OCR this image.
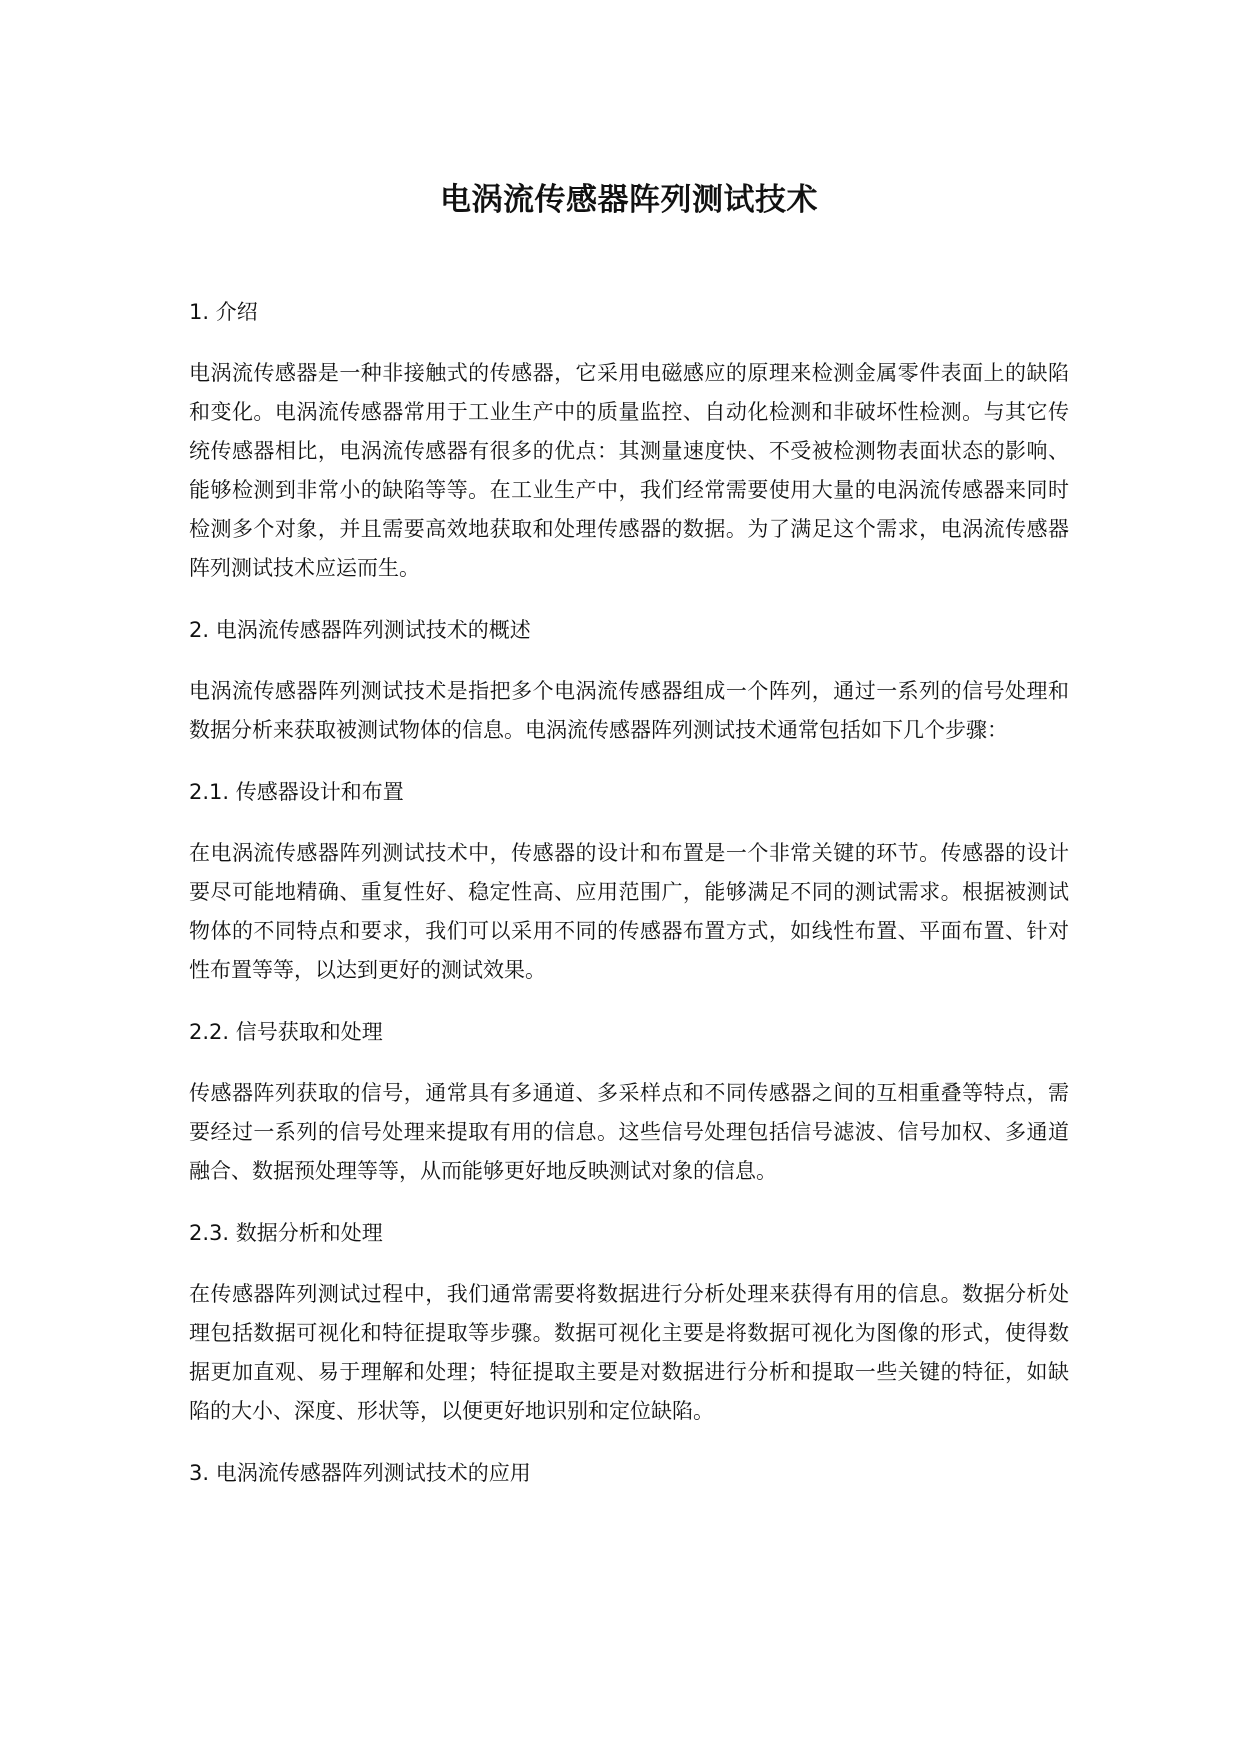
电涡流传感器阵列测试技术
1. 介绍

电涡流传感器是一种非接触式的传感器，它采用电磁感应的原理来检测金属零件表面上的缺陷和变化。电涡流传感器常用于工业生产中的质量监控、自动化检测和非破坏性检测。与其它传统传感器相比，电涡流传感器有很多的优点：其测量速度快、不受被检测物表面状态的影响、能够检测到非常小的缺陷等等。在工业生产中，我们经常需要使用大量的电涡流传感器来同时检测多个对象，并且需要高效地获取和处理传感器的数据。为了满足这个需求，电涡流传感器阵列测试技术应运而生。

2. 电涡流传感器阵列测试技术的概述

电涡流传感器阵列测试技术是指把多个电涡流传感器组成一个阵列，通过一系列的信号处理和数据分析来获取被测试物体的信息。电涡流传感器阵列测试技术通常包括如下几个步骤：

2.1. 传感器设计和布置

在电涡流传感器阵列测试技术中，传感器的设计和布置是一个非常关键的环节。传感器的设计要尽可能地精确、重复性好、稳定性高、应用范围广，能够满足不同的测试需求。根据被测试物体的不同特点和要求，我们可以采用不同的传感器布置方式，如线性布置、平面布置、针对性布置等等，以达到更好的测试效果。

2.2. 信号获取和处理

传感器阵列获取的信号，通常具有多通道、多采样点和不同传感器之间的互相重叠等特点，需要经过一系列的信号处理来提取有用的信息。这些信号处理包括信号滤波、信号加权、多通道融合、数据预处理等等，从而能够更好地反映测试对象的信息。

2.3. 数据分析和处理

在传感器阵列测试过程中，我们通常需要将数据进行分析处理来获得有用的信息。数据分析处理包括数据可视化和特征提取等步骤。数据可视化主要是将数据可视化为图像的形式，使得数据更加直观、易于理解和处理；特征提取主要是对数据进行分析和提取一些关键的特征，如缺陷的大小、深度、形状等，以便更好地识别和定位缺陷。

3. 电涡流传感器阵列测试技术的应用
